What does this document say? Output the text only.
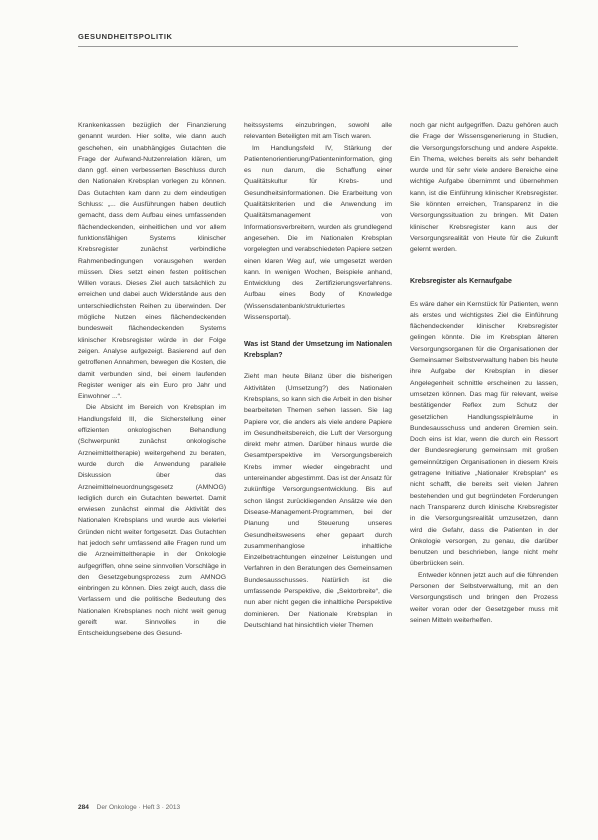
GESUNDHEITSPOLITIK

Krankenkassen bezüglich der Finanzierung genannt wurden. Hier sollte, wie dann auch geschehen, ein unabhängiges Gutachten die Frage der Aufwand-Nutzenrelation klären, um dann ggf. einen verbesserten Beschluss durch den Nationalen Krebsplan vorlegen zu können. Das Gutachten kam dann zu dem eindeutigen Schluss: „... die Ausführungen haben deutlich gemacht, dass dem Aufbau eines umfassenden flächendeckenden, einheitlichen und vor allem funktionsfähigen Systems klinischer Krebsregister zunächst verbindliche Rahmenbedingungen vorausgehen werden müssen. Dies setzt einen festen politischen Willen voraus. Dieses Ziel auch tatsächlich zu erreichen und dabei auch Widerstände aus den unterschiedlichsten Reihen zu überwinden. Der mögliche Nutzen eines flächendeckenden bundesweit flächendeckenden Systems klinischer Krebsregister würde in der Folge zeigen. Analyse aufgezeigt. Basierend auf den getroffenen Annahmen, bewegen die Kosten, die damit verbunden sind, bei einem laufenden Register weniger als ein Euro pro Jahr und Einwohner ...“.

Die Absicht im Bereich von Krebsplan im Handlungsfeld III, die Sicherstellung einer effizienten onkologischen Behandlung (Schwerpunkt zunächst onkologische Arzneimitteltherapie) weitergehend zu beraten, wurde durch die Anwendung parallele Diskussion über das Arzneimittelneuordnungsgesetz (AMNOG) lediglich durch ein Gutachten bewertet. Damit erwiesen zunächst einmal die Aktivität des Nationalen Krebsplans und wurde aus vielerlei Gründen nicht weiter fortgesetzt. Das Gutachten hat jedoch sehr umfassend alle Fragen rund um die Arzneimitteltherapie in der Onkologie aufgegriffen, ohne seine sinnvollen Vorschläge in den Gesetzgebungsprozess zum AMNOG einbringen zu können. Dies zeigt auch, dass die Verfassern und die politische Bedeutung des Nationalen Krebsplanes noch nicht weit genug gereift war. Sinnvolles in die Entscheidungsebene des Gesund-

heitssystems einzubringen, sowohl alle relevanten Beteiligten mit am Tisch waren.

Im Handlungsfeld IV, Stärkung der Patientenorientierung/Patienteninformation, ging es nun darum, die Schaffung einer Qualitätskultur für Krebs- und Gesundheitsinformationen. Die Erarbeitung von Qualitätskriterien und die Anwendung im Qualitätsmanagement von Informationsverbreitern, wurden als grundlegend angesehen. Die im Nationalen Krebsplan vorgelegten und verabschiedeten Papiere setzen einen klaren Weg auf, wie umgesetzt werden kann. In wenigen Wochen, Beispiele anhand, Entwicklung des Zertifizierungsverfahrens. Aufbau eines Body of Knowledge (Wissensdatenbank/strukturiertes Wissensportal).

Was ist Stand der Umsetzung im Nationalen Krebsplan?

Zieht man heute Bilanz über die bisherigen Aktivitäten (Umsetzung?) des Nationalen Krebsplans, so kann sich die Arbeit in den bisher bearbeiteten Themen sehen lassen. Sie lag Papiere vor, die anders als viele andere Papiere im Gesundheitsbereich, die Luft der Versorgung direkt mehr atmen. Darüber hinaus wurde die Gesamtperspektive im Versorgungsbereich Krebs immer wieder eingebracht und untereinander abgestimmt. Das ist der Ansatz für zukünftige Versorgungsentwicklung. Bis auf schon längst zurückliegenden Ansätze wie den Disease-Management-Programmen, bei der Planung und Steuerung unseres Gesundheitswesens eher gepaart durch zusammenhanglose inhaltliche Einzelbetrachtungen einzelner Leistungen und Verfahren in den Beratungen des Gemeinsamen Bundesausschusses. Natürlich ist die umfassende Perspektive, die „Sektorbreite“, die nun aber nicht gegen die inhaltliche Perspektive dominieren. Der Nationale Krebsplan in Deutschland hat hinsichtlich vieler Themen

noch gar nicht aufgegriffen. Dazu gehören auch die Frage der Wissensgenerierung in Studien, die Versorgungsforschung und andere Aspekte. Ein Thema, welches bereits als sehr behandelt wurde und für sehr viele andere Bereiche eine wichtige Aufgabe übernimmt und übernehmen kann, ist die Einführung klinischer Krebsregister. Sie könnten erreichen, Transparenz in die Versorgungssituation zu bringen. Mit Daten klinischer Krebsregister kann aus der Versorgungsrealität von Heute für die Zukunft gelernt werden.

Krebsregister als Kernaufgabe

Es wäre daher ein Kernstück für Patienten, wenn als erstes und wichtigstes Ziel die Einführung flächendeckender klinischer Krebsregister gelingen könnte. Die im Krebsplan älteren Versorgungsorganen für die Organisationen der Gemeinsamer Selbstverwaltung haben bis heute ihre Aufgabe der Krebsplan in dieser Angelegenheit schnittle erscheinen zu lassen, umsetzen können. Das mag für relevant, weise bestätigender Reflex zum Schutz der gesetzlichen Handlungsspielräume in Bundesausschuss und anderen Gremien sein. Doch eins ist klar, wenn die durch ein Ressort der Bundesregierung gemeinsam mit großen gemeinnützigen Organisationen in diesem Kreis getragene Initiative „Nationaler Krebsplan“ es nicht schafft, die bereits seit vielen Jahren bestehenden und gut begründeten Forderungen nach Transparenz durch klinische Krebsregister in die Versorgungsrealität umzusetzen, dann wird die Gefahr, dass die Patienten in der Onkologie versorgen, zu genau, die darüber benutzen und beschrieben, lange nicht mehr überbrücken sein.

Entweder können jetzt auch auf die führenden Personen der Selbstverwaltung, mit an den Versorgungstisch und bringen den Prozess weiter voran oder der Gesetzgeber muss mit seinen Mitteln weiterhelfen.

284 Der Onkologe · Heft 3 · 2013
